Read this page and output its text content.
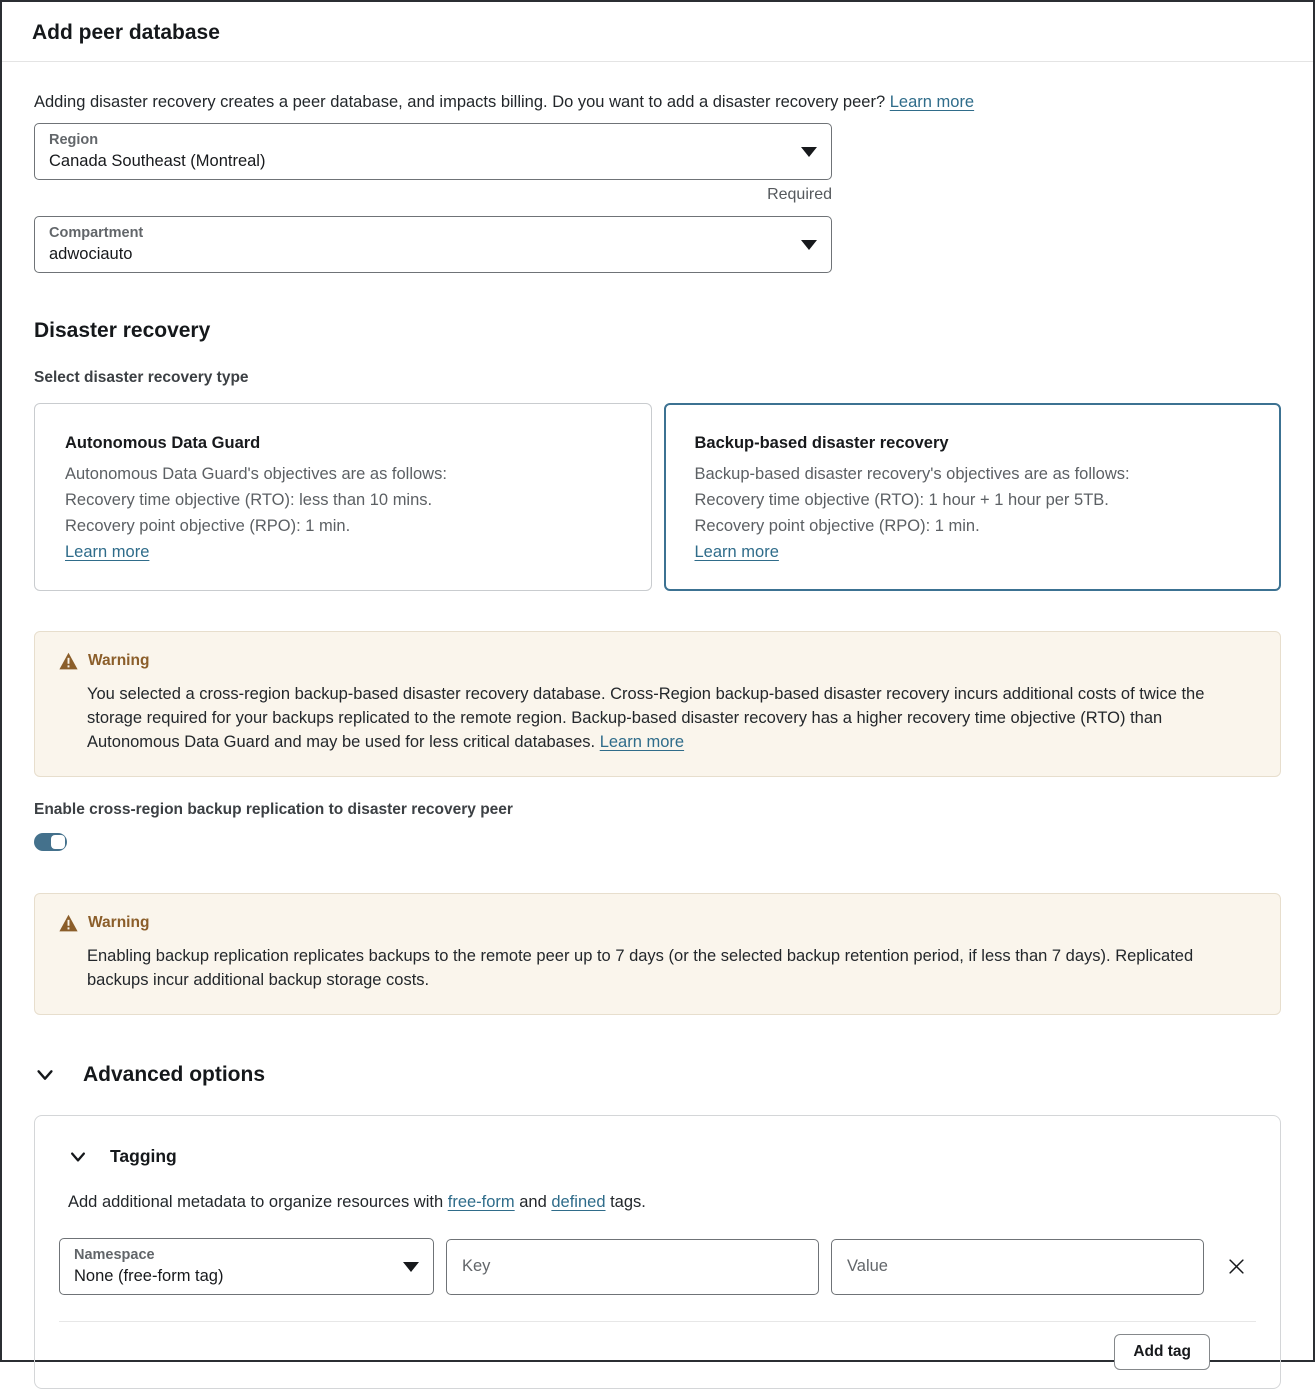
Add peer database

Adding disaster recovery creates a peer database, and impacts billing. Do you want to add a disaster recovery peer? Learn more

Region
Canada Southeast (Montreal)
Required
Compartment
adwociauto
Disaster recovery
Select disaster recovery type
Autonomous Data Guard
Autonomous Data Guard's objectives are as follows:
Recovery time objective (RTO): less than 10 mins.
Recovery point objective (RPO): 1 min.
Learn more
Backup-based disaster recovery
Backup-based disaster recovery's objectives are as follows:
Recovery time objective (RTO): 1 hour + 1 hour per 5TB.
Recovery point objective (RPO): 1 min.
Learn more
Warning
You selected a cross-region backup-based disaster recovery database. Cross-Region backup-based disaster recovery incurs additional costs of twice the storage required for your backups replicated to the remote region. Backup-based disaster recovery has a higher recovery time objective (RTO) than Autonomous Data Guard and may be used for less critical databases. Learn more
Enable cross-region backup replication to disaster recovery peer
Warning
Enabling backup replication replicates backups to the remote peer up to 7 days (or the selected backup retention period, if less than 7 days). Replicated backups incur additional backup storage costs.
Advanced options
Tagging

Add additional metadata to organize resources with free-form and defined tags.

Namespace
None (free-form tag)
Key
Value
Add tag
